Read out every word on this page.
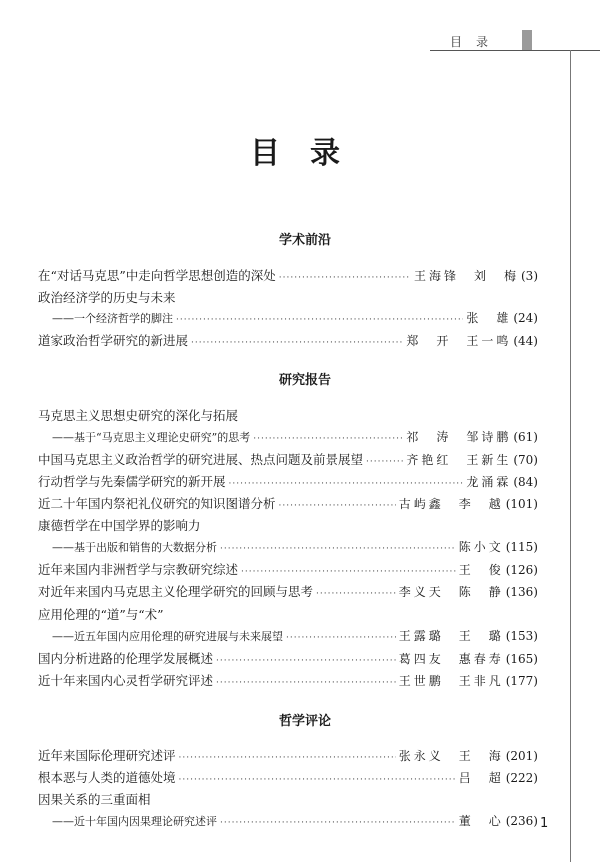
目录
目录
学术前沿
在“对话马克思”中走向哲学思想创造的深处 ·····	王海锋　刘　梅 (3)
政治经济学的历史与未来
——一个经济哲学的脚注 ·····	张　雄 (24)
道家政治哲学研究的新进展 ·····	郑　开　王一鸣 (44)
研究报告
马克思主义思想史研究的深化与拓展
——基于“马克思主义理论史研究”的思考 ·····	祁　涛　邹诗鹏 (61)
中国马克思主义政治哲学的研究进展、热点问题及前景展望 ·····	齐艳红　王新生 (70)
行动哲学与先秦儒学研究的新开展 ·····	龙涌霖 (84)
近二十年国内祭祀礼仪研究的知识图谱分析 ·····	古屿鑫　李　越 (101)
康德哲学在中国学界的影响力
——基于出版和销售的大数据分析 ·····	陈小文 (115)
近年来国内非洲哲学与宗教研究综述 ·····	王　俊 (126)
对近年来国内马克思主义伦理学研究的回顾与思考 ·····	李义天　陈　静 (136)
应用伦理的“道”与“术”
——近五年国内应用伦理的研究进展与未来展望 ·····	王露璐　王　璐 (153)
国内分析进路的伦理学发展概述 ·····	葛四友　惠春寿 (165)
近十年来国内心灵哲学研究评述 ·····	王世鹏　王非凡 (177)
哲学评论
近年来国际伦理研究述评 ·····	张永义　王　海 (201)
根本恶与人类的道德处境 ·····	吕　超 (222)
因果关系的三重面相
——近十年国内因果理论研究述评 ·····	董　心 (236) 1
